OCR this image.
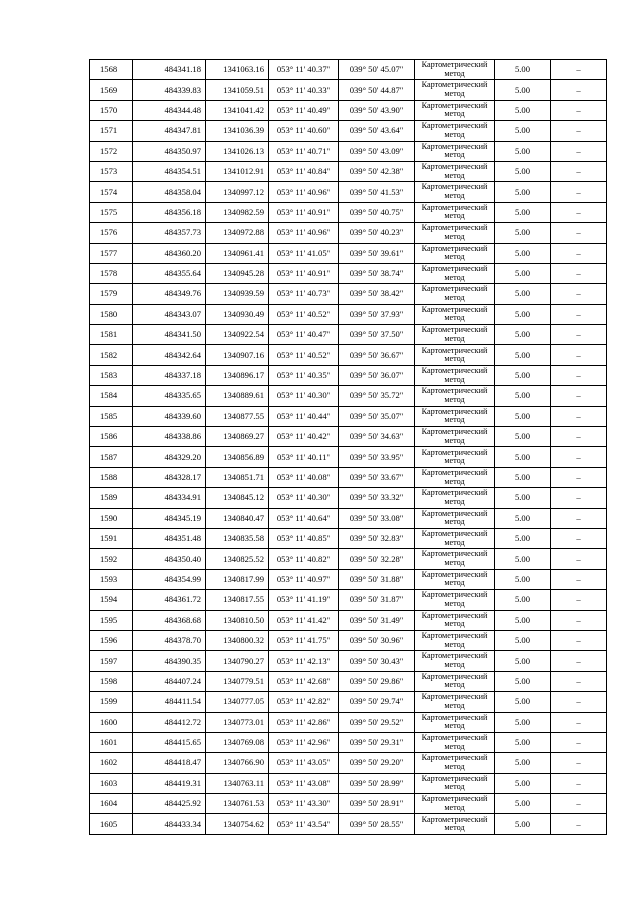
1568	484341.18	1341063.16	053° 11' 40.37"	039° 50' 45.07"	Картометрический метод	5.00	–
1569	484339.83	1341059.51	053° 11' 40.33"	039° 50' 44.87"	Картометрический метод	5.00	–
1570	484344.48	1341041.42	053° 11' 40.49"	039° 50' 43.90"	Картометрический метод	5.00	–
1571	484347.81	1341036.39	053° 11' 40.60"	039° 50' 43.64"	Картометрический метод	5.00	–
1572	484350.97	1341026.13	053° 11' 40.71"	039° 50' 43.09"	Картометрический метод	5.00	–
1573	484354.51	1341012.91	053° 11' 40.84"	039° 50' 42.38"	Картометрический метод	5.00	–
1574	484358.04	1340997.12	053° 11' 40.96"	039° 50' 41.53"	Картометрический метод	5.00	–
1575	484356.18	1340982.59	053° 11' 40.91"	039° 50' 40.75"	Картометрический метод	5.00	–
1576	484357.73	1340972.88	053° 11' 40.96"	039° 50' 40.23"	Картометрический метод	5.00	–
1577	484360.20	1340961.41	053° 11' 41.05"	039° 50' 39.61"	Картометрический метод	5.00	–
1578	484355.64	1340945.28	053° 11' 40.91"	039° 50' 38.74"	Картометрический метод	5.00	–
1579	484349.76	1340939.59	053° 11' 40.73"	039° 50' 38.42"	Картометрический метод	5.00	–
1580	484343.07	1340930.49	053° 11' 40.52"	039° 50' 37.93"	Картометрический метод	5.00	–
1581	484341.50	1340922.54	053° 11' 40.47"	039° 50' 37.50"	Картометрический метод	5.00	–
1582	484342.64	1340907.16	053° 11' 40.52"	039° 50' 36.67"	Картометрический метод	5.00	–
1583	484337.18	1340896.17	053° 11' 40.35"	039° 50' 36.07"	Картометрический метод	5.00	–
1584	484335.65	1340889.61	053° 11' 40.30"	039° 50' 35.72"	Картометрический метод	5.00	–
1585	484339.60	1340877.55	053° 11' 40.44"	039° 50' 35.07"	Картометрический метод	5.00	–
1586	484338.86	1340869.27	053° 11' 40.42"	039° 50' 34.63"	Картометрический метод	5.00	–
1587	484329.20	1340856.89	053° 11' 40.11"	039° 50' 33.95"	Картометрический метод	5.00	–
1588	484328.17	1340851.71	053° 11' 40.08"	039° 50' 33.67"	Картометрический метод	5.00	–
1589	484334.91	1340845.12	053° 11' 40.30"	039° 50' 33.32"	Картометрический метод	5.00	–
1590	484345.19	1340840.47	053° 11' 40.64"	039° 50' 33.08"	Картометрический метод	5.00	–
1591	484351.48	1340835.58	053° 11' 40.85"	039° 50' 32.83"	Картометрический метод	5.00	–
1592	484350.40	1340825.52	053° 11' 40.82"	039° 50' 32.28"	Картометрический метод	5.00	–
1593	484354.99	1340817.99	053° 11' 40.97"	039° 50' 31.88"	Картометрический метод	5.00	–
1594	484361.72	1340817.55	053° 11' 41.19"	039° 50' 31.87"	Картометрический метод	5.00	–
1595	484368.68	1340810.50	053° 11' 41.42"	039° 50' 31.49"	Картометрический метод	5.00	–
1596	484378.70	1340800.32	053° 11' 41.75"	039° 50' 30.96"	Картометрический метод	5.00	–
1597	484390.35	1340790.27	053° 11' 42.13"	039° 50' 30.43"	Картометрический метод	5.00	–
1598	484407.24	1340779.51	053° 11' 42.68"	039° 50' 29.86"	Картометрический метод	5.00	–
1599	484411.54	1340777.05	053° 11' 42.82"	039° 50' 29.74"	Картометрический метод	5.00	–
1600	484412.72	1340773.01	053° 11' 42.86"	039° 50' 29.52"	Картометрический метод	5.00	–
1601	484415.65	1340769.08	053° 11' 42.96"	039° 50' 29.31"	Картометрический метод	5.00	–
1602	484418.47	1340766.90	053° 11' 43.05"	039° 50' 29.20"	Картометрический метод	5.00	–
1603	484419.31	1340763.11	053° 11' 43.08"	039° 50' 28.99"	Картометрический метод	5.00	–
1604	484425.92	1340761.53	053° 11' 43.30"	039° 50' 28.91"	Картометрический метод	5.00	–
1605	484433.34	1340754.62	053° 11' 43.54"	039° 50' 28.55"	Картометрический метод	5.00	–
